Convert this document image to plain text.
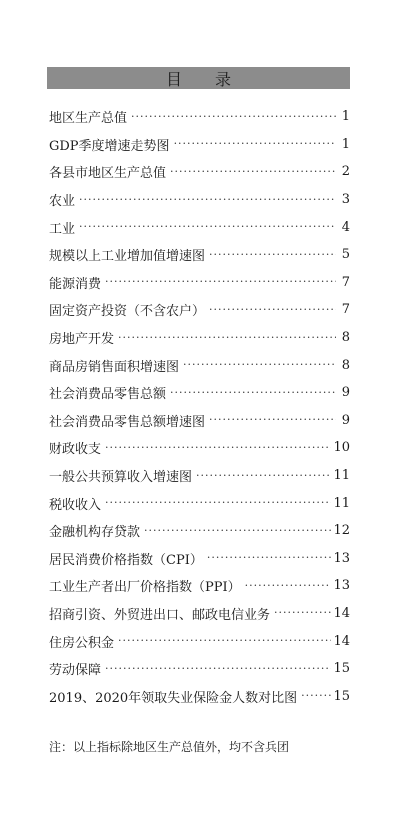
目 录
地区生产总值 ·····	1
GDP季度增速走势图 ·····	1
各县市地区生产总值 ·····	2
农业 ·····	3
工业 ·····	4
规模以上工业增加值增速图 ·····	5
能源消费 ·····	7
固定资产投资（不含农户） ·····	7
房地产开发 ·····	8
商品房销售面积增速图 ·····	8
社会消费品零售总额 ·····	9
社会消费品零售总额增速图 ·····	9
财政收支 ·····	10
一般公共预算收入增速图 ·····	11
税收收入 ·····	11
金融机构存贷款 ·····	12
居民消费价格指数（CPI） ·····	13
工业生产者出厂价格指数（PPI） ·····	13
招商引资、外贸进出口、邮政电信业务 ·····	14
住房公积金 ·····	14
劳动保障 ·····	15
2019、2020年领取失业保险金人数对比图 ·····	15
注：以上指标除地区生产总值外，均不含兵团
